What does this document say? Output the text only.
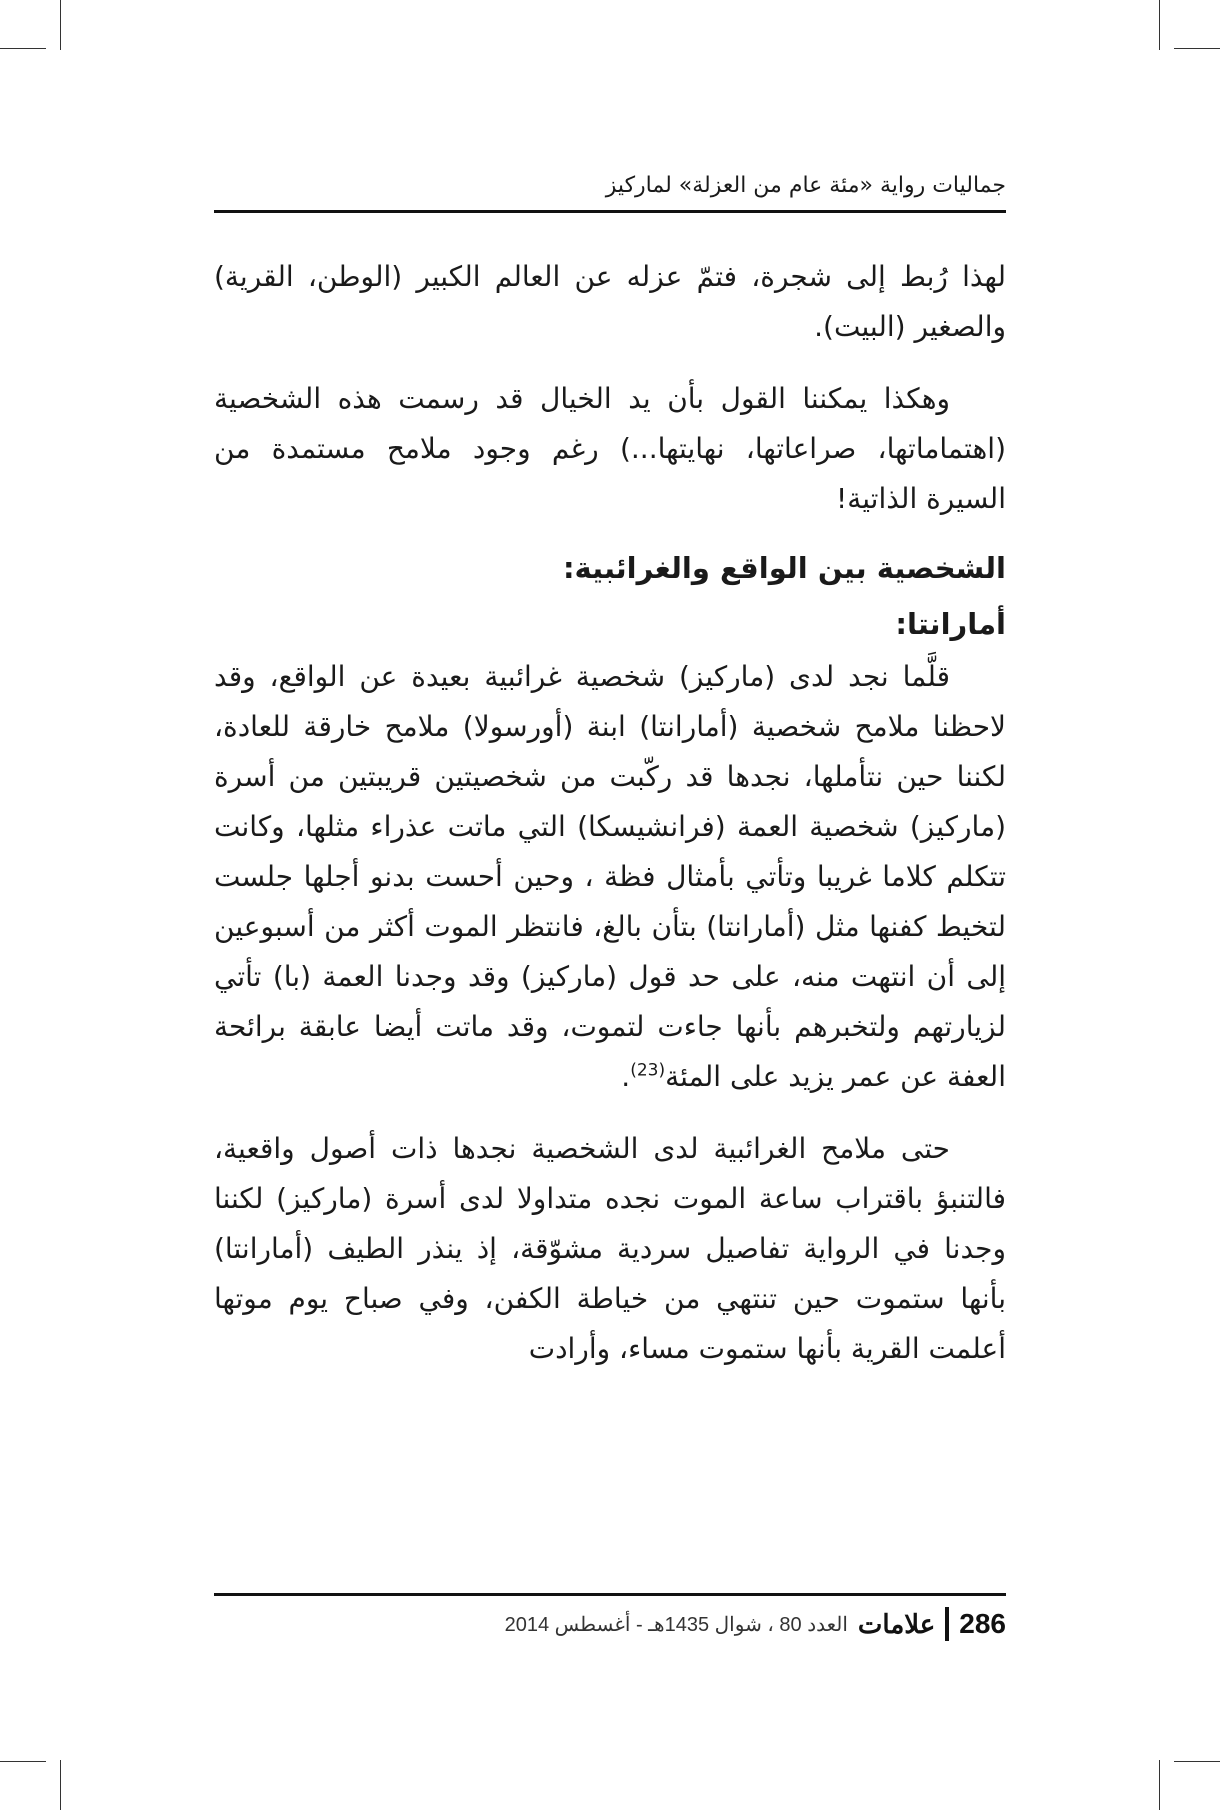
جماليات رواية «مئة عام من العزلة» لماركيز

لهذا رُبط إلى شجرة، فتمّ عزله عن العالم الكبير (الوطن، القرية) والصغير (البيت).

وهكذا يمكننا القول بأن يد الخيال قد رسمت هذه الشخصية (اهتماماتها، صراعاتها، نهايتها...) رغم وجود ملامح مستمدة من السيرة الذاتية!

الشخصية بين الواقع والغرائبية:
أمارانتا:

قلَّما نجد لدى (ماركيز) شخصية غرائبية بعيدة عن الواقع، وقد لاحظنا ملامح شخصية (أمارانتا) ابنة (أورسولا) ملامح خارقة للعادة، لكننا حين نتأملها، نجدها قد ركّبت من شخصيتين قريبتين من أسرة (ماركيز) شخصية العمة (فرانشيسكا) التي ماتت عذراء مثلها، وكانت تتكلم كلاما غريبا وتأتي بأمثال فظة ، وحين أحست بدنو أجلها جلست لتخيط كفنها مثل (أمارانتا) بتأن بالغ، فانتظر الموت أكثر من أسبوعين إلى أن انتهت منه، على حد قول (ماركيز) وقد وجدنا العمة (با) تأتي لزيارتهم ولتخبرهم بأنها جاءت لتموت، وقد ماتت أيضا عابقة برائحة العفة عن عمر يزيد على المئة$^{(23)}$.

حتى ملامح الغرائبية لدى الشخصية نجدها ذات أصول واقعية، فالتنبؤ باقتراب ساعة الموت نجده متداولا لدى أسرة (ماركيز) لكننا وجدنا في الرواية تفاصيل سردية مشوّقة، إذ ينذر الطيف (أمارانتا) بأنها ستموت حين تنتهي من خياطة الكفن، وفي صباح يوم موتها أعلمت القرية بأنها ستموت مساء، وأرادت

286
علامات
العدد 80 ، شوال 1435هـ - أغسطس 2014
